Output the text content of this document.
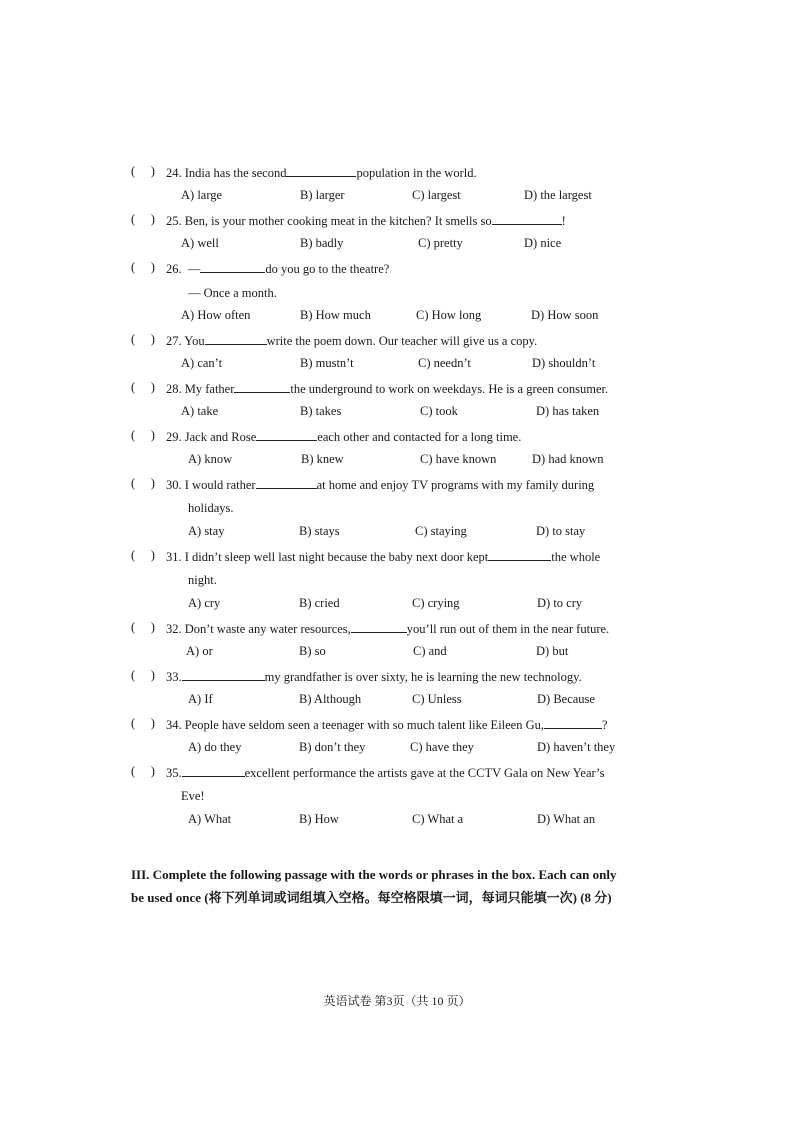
(     ) 24. India has the second	population in the world.
A) large	B) larger	C) largest	D) the largest
(     ) 25. Ben, is your mother cooking meat in the kitchen? It smells so	!
A) well	B) badly	C) pretty	D) nice
(     ) 26.  —	do you go to the theatre?
— Once a month.
A) How often	B) How much	C) How long	D) How soon
(     ) 27. You	write the poem down. Our teacher will give us a copy.
A) can’t	B) mustn’t	C) needn’t	D) shouldn’t
(     ) 28. My father	the underground to work on weekdays. He is a green consumer.
A) take	B) takes	C) took	D) has taken
(     ) 29. Jack and Rose	each other and contacted for a long time.
A) know	B) knew	C) have known	D) had known
(     ) 30. I would rather	at home and enjoy TV programs with my family during
holidays.
A) stay	B) stays	C) staying	D) to stay
(     ) 31. I didn’t sleep well last night because the baby next door kept	the whole
night.
A) cry	B) cried	C) crying	D) to cry
(     ) 32. Don’t waste any water resources,	you’ll run out of them in the near future.
A) or	B) so	C) and	D) but
(     ) 33.	my grandfather is over sixty, he is learning the new technology.
A) If	B) Although	C) Unless	D) Because
(     ) 34. People have seldom seen a teenager with so much talent like Eileen Gu,	?
A) do they	B) don’t they	C) have they	D) haven’t they
(     ) 35.	excellent performance the artists gave at the CCTV Gala on New Year’s
Eve!
A) What	B) How	C) What a	D) What an
III. Complete the following passage with the words or phrases in the box. Each can only
be used once (将下列单词或词组填入空格。每空格限填一词，每词只能填一次) (8 分)
英语试卷 第3页（共 10 页）
